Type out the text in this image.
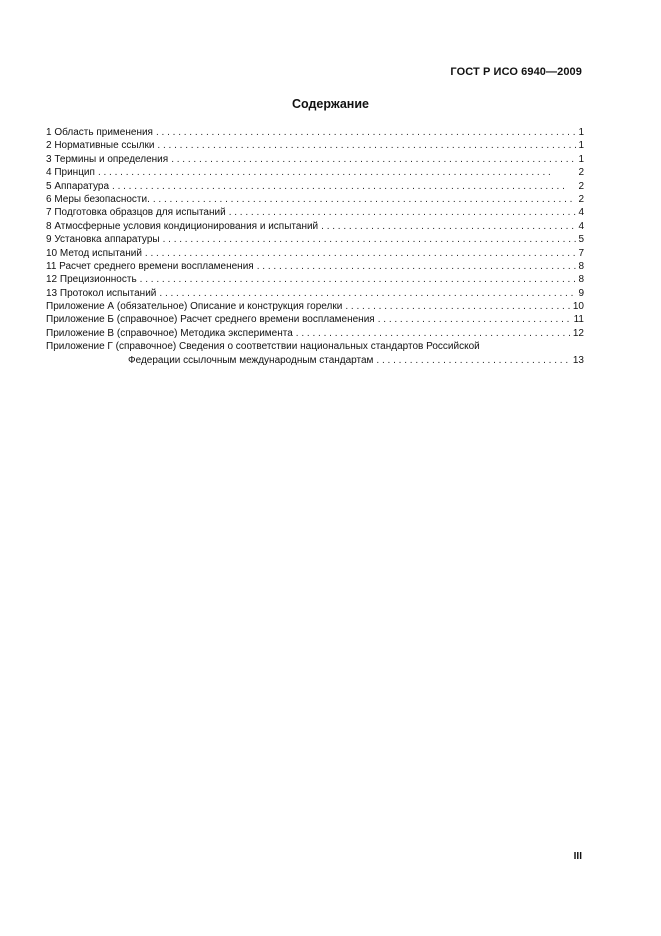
ГОСТ Р ИСО 6940—2009
Содержание
1 Область применения . . .	1
2 Нормативные ссылки . . .	1
3 Термины и определения . . .	1
4 Принцип . . .	2
5 Аппаратура . . .	2
6 Меры безопасности. . . .	2
7 Подготовка образцов для испытаний . . .	4
8 Атмосферные условия кондиционирования и испытаний . . .	4
9 Установка аппаратуры . . .	5
10 Метод испытаний . . .	7
11 Расчет среднего времени воспламенения . . .	8
12 Прецизионность . . .	8
13 Протокол испытаний . . .	9
Приложение А (обязательное) Описание и конструкция горелки . . .	10
Приложение Б (справочное) Расчет среднего времени воспламенения . . .	11
Приложение В (справочное) Методика эксперимента . . .	12
Приложение Г (справочное) Сведения о соответствии национальных стандартов Российской
Федерации ссылочным международным стандартам . . .	13
III
